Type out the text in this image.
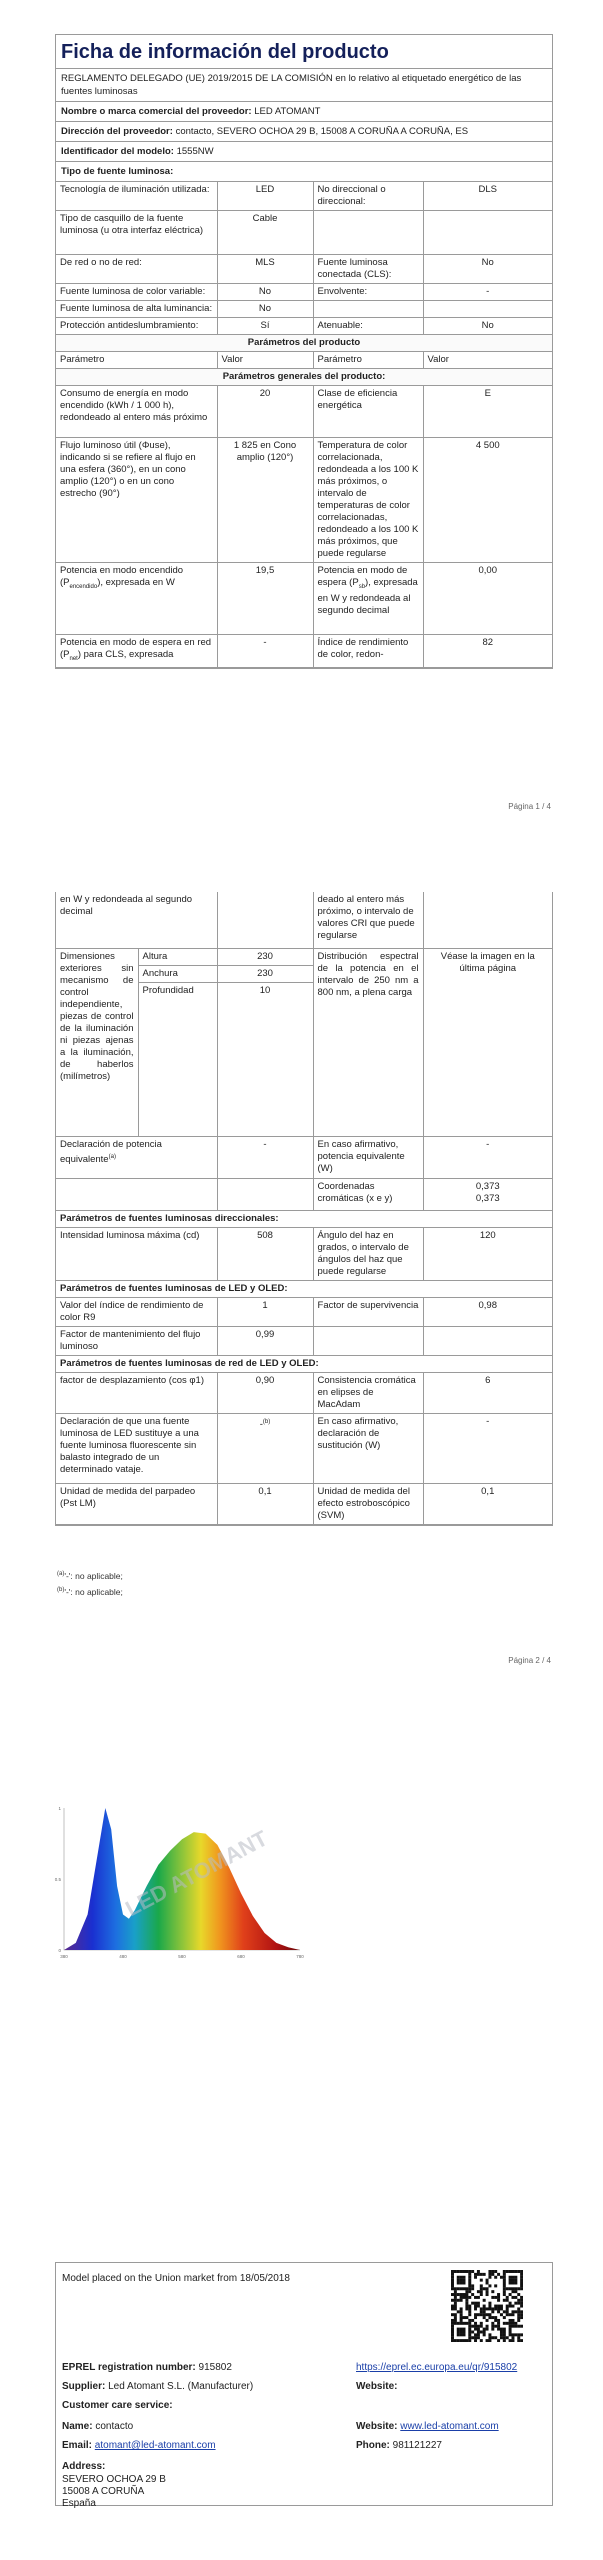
Ficha de información del producto
REGLAMENTO DELEGADO (UE) 2019/2015 DE LA COMISIÓN en lo relativo al etiquetado energético de las fuentes luminosas
Nombre o marca comercial del proveedor: LED ATOMANT
Dirección del proveedor: contacto, SEVERO OCHOA 29 B, 15008 A CORUÑA A CORUÑA, ES
Identificador del modelo: 1555NW
Tipo de fuente luminosa:
Tecnología de iluminación utilizada:	LED	No direccional o direccional:	DLS
Tipo de casquillo de la fuente luminosa (u otra interfaz eléctrica)	Cable		
De red o no de red:	MLS	Fuente luminosa conectada (CLS):	No
Fuente luminosa de color variable:	No	Envolvente:	-
Fuente luminosa de alta luminancia:	No		
Protección antideslumbramiento:	Sí	Atenuable:	No
Parámetros del producto			
Parámetro	Valor	Parámetro	Valor
Parámetros generales del producto:			
Consumo de energía en modo encendido (kWh / 1 000 h), redondeado al entero más próximo	20	Clase de eficiencia energética	E
Flujo luminoso útil (Φuse), indicando si se refiere al flujo en una esfera (360°), en un cono amplio (120°) o en un cono estrecho (90°)	1 825 en Cono amplio (120°)	Temperatura de color correlacionada, redondeada a los 100 K más próximos, o intervalo de temperaturas de color correlacionadas, redondeado a los 100 K más próximos, que puede regularse	4 500
Potencia en modo encendido $(P_{encendido})$, expresada en W	19,5	Potencia en modo de espera $(P_{sb})$, expresada en W y redondeada al segundo decimal	0,00
Potencia en modo de espera en red $(P_{net})$ para CLS, expresada	-	Índice de rendimiento de color, redon-	82
Página 1 / 4
en W y redondeada al segundo decimal			deado al entero más próximo, o intervalo de valores CRI que puede regularse	
Dimensiones exteriores sin mecanismo de control independiente, piezas de control de la iluminación ni piezas ajenas a la iluminación, de haberlos (milímetros)	Altura	230	Distribución espectral de la potencia en el intervalo de 250 nm a 800 nm, a plena carga	Véase la imagen en la última página
	Anchura	230		
	Profundidad	10		
Declaración de potencia equivalente$^{(a)}$		-	En caso afirmativo, potencia equivalente (W)	-
			Coordenadas cromáticas (x e y)	0,373
0,373

Parámetros de fuentes luminosas direccionales:				
Intensidad luminosa máxima (cd)		508	Ángulo del haz en grados, o intervalo de ángulos del haz que puede regularse	120
Parámetros de fuentes luminosas de LED y OLED:				
Valor del índice de rendimiento de color R9		1	Factor de supervivencia	0,98
Factor de mantenimiento del flujo luminoso		0,99		
Parámetros de fuentes luminosas de red de LED y OLED:				
factor de desplazamiento (cos φ1)		0,90	Consistencia cromática en elipses de MacAdam	6
Declaración de que una fuente luminosa de LED sustituye a una fuente luminosa fluorescente sin balasto integrado de un determinado vataje.		-$^{(b)}$	En caso afirmativo, declaración de sustitución (W)	-
Unidad de medida del parpadeo (Pst LM)		0,1	Unidad de medida del efecto estroboscópico (SVM)	0,1
$^{(a)}$'-': no aplicable;
$^{(b)}$'-': no aplicable;
Página 2 / 4
LED ATOMANT
380	480	580	680	780
0
0.5
1
Model placed on the Union market from 18/05/2018
EPREL registration number: 915802	https://eprel.ec.europa.eu/qr/915802
Supplier: Led Atomant S.L. (Manufacturer)	Website:
Customer care service:
Name: contacto	Website: www.led-atomant.com
Email: atomant@led-atomant.com	Phone: 981121227
Address:
SEVERO OCHOA 29 B
15008 A CORUÑA
España
